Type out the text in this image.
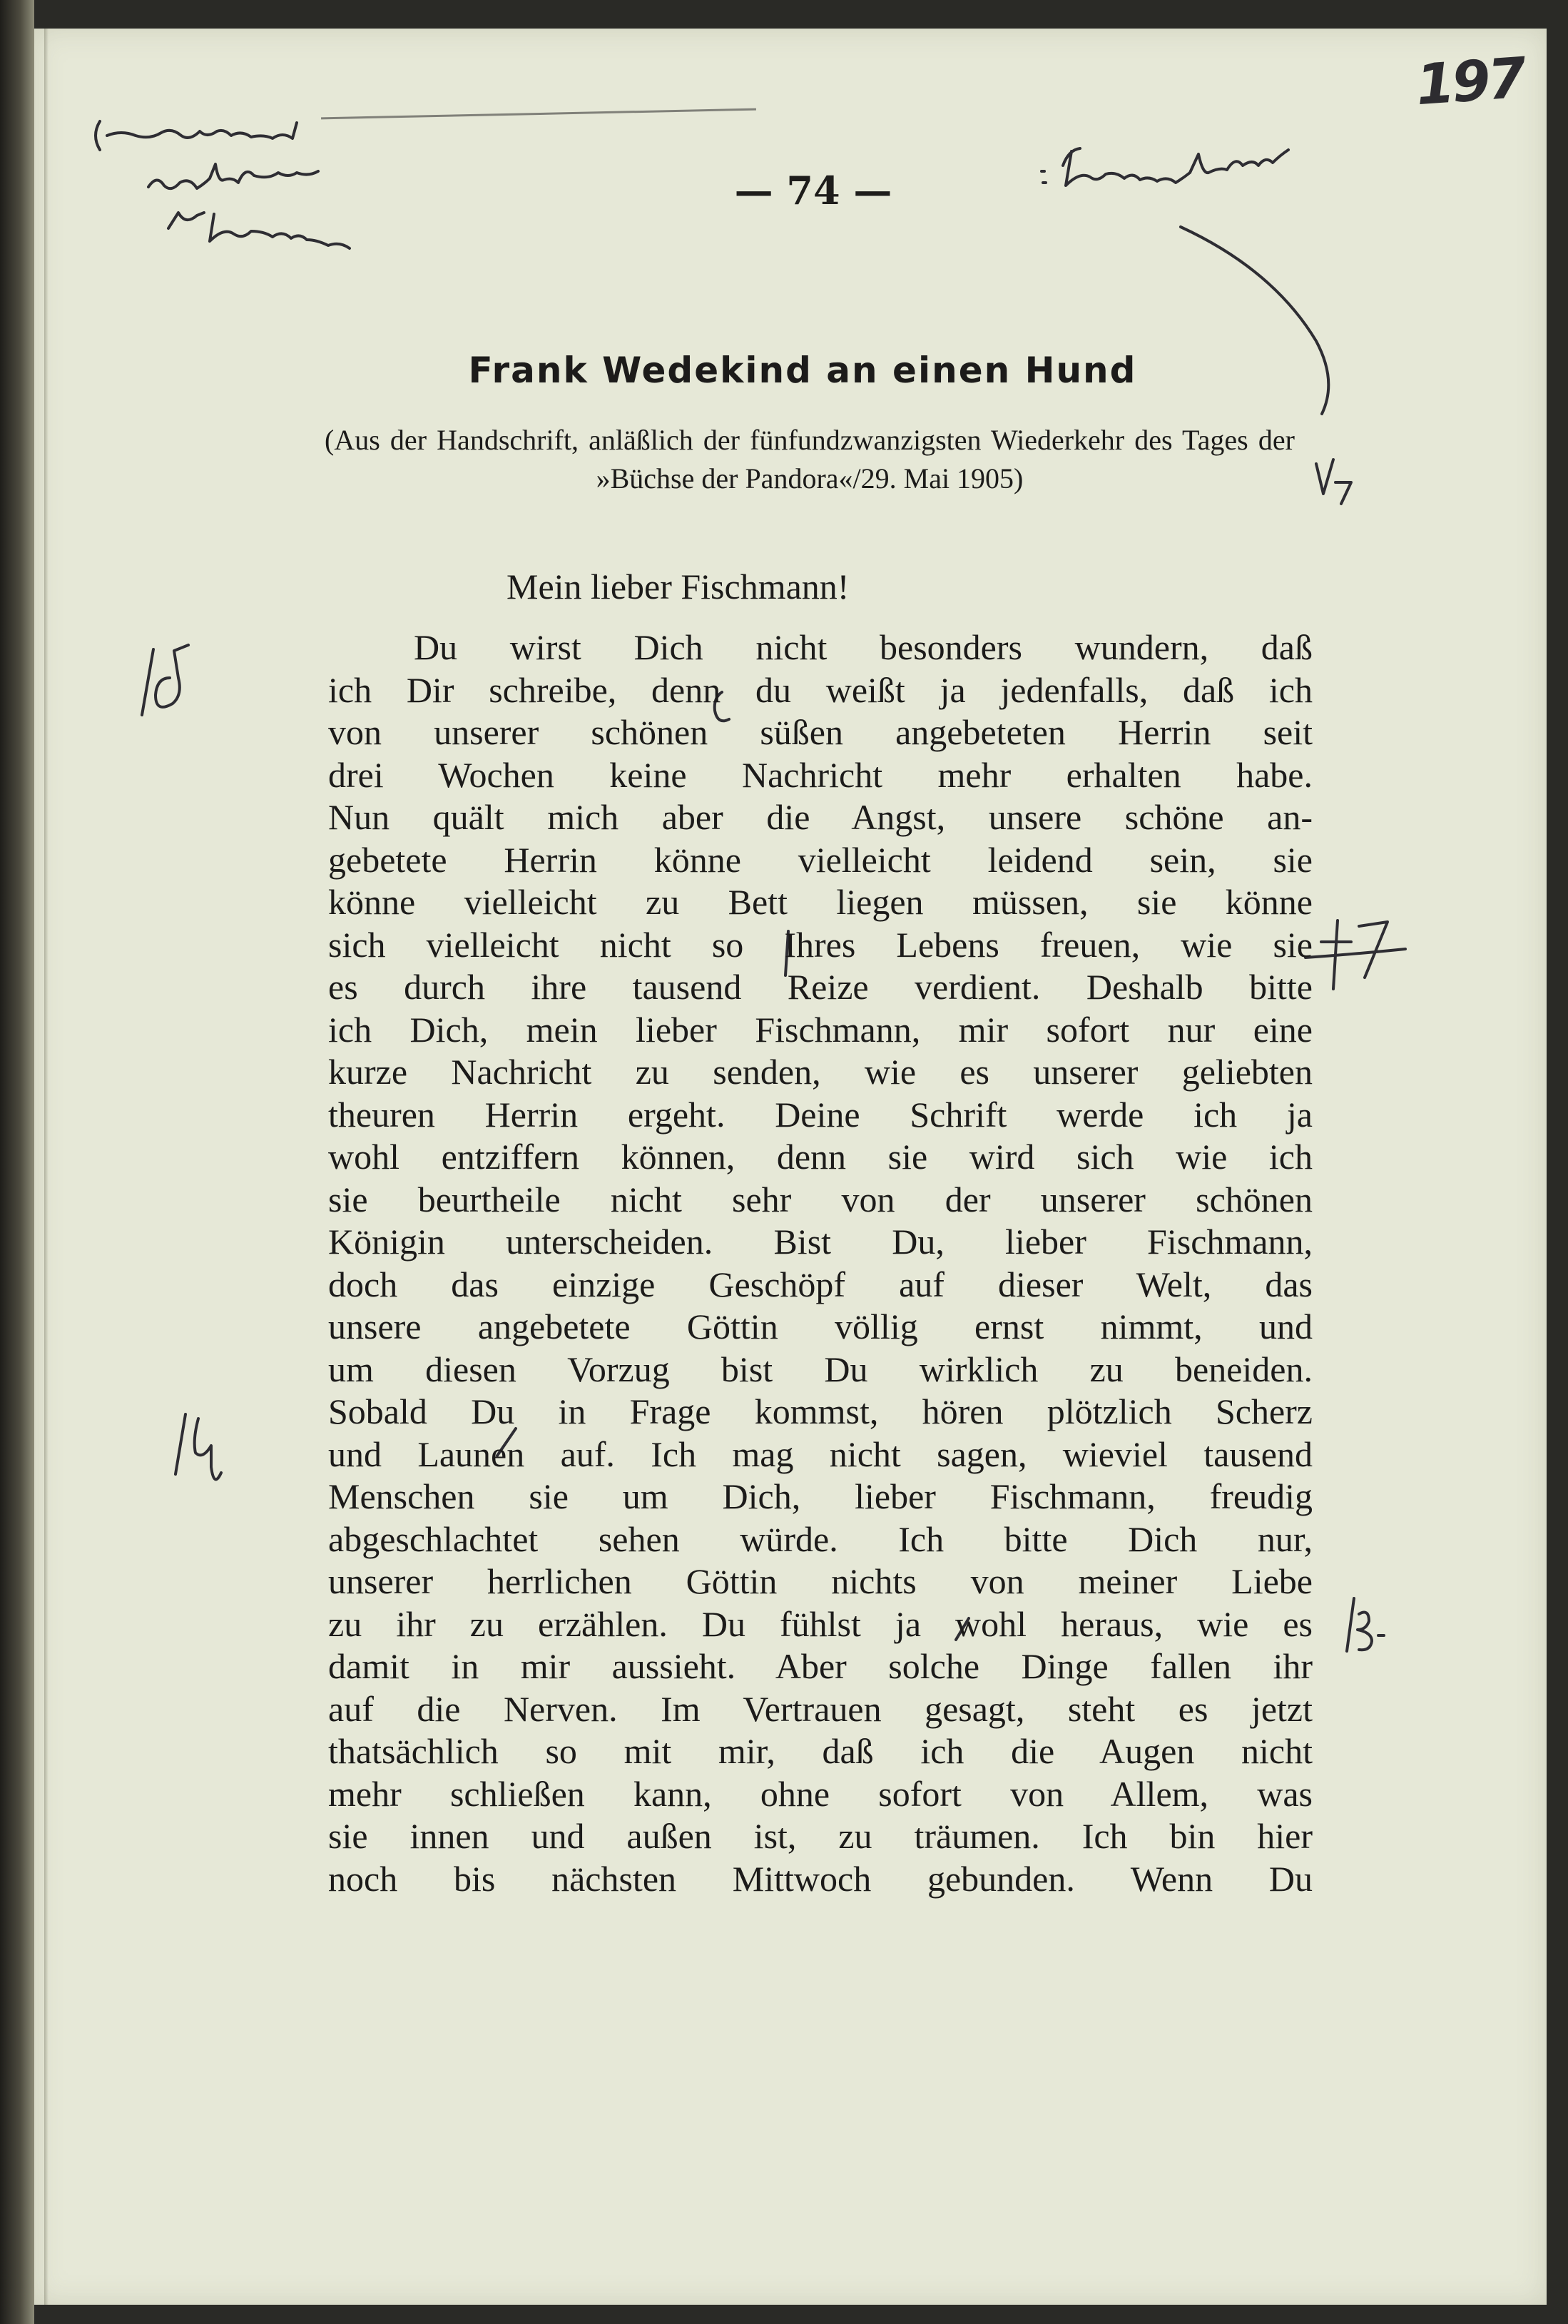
197
— 74 —
Frank Wedekind an einen Hund
(Aus der Handschrift, anläßlich der fünfundzwanzigsten Wiederkehr des Tages der »Büchse der Pandora«/29. Mai 1905)
Mein lieber Fischmann!
Du wirst Dich nicht besonders wundern, daß
ich Dir schreibe, denn du weißt ja jedenfalls, daß ich
von unserer schönen süßen angebeteten Herrin seit
drei Wochen keine Nachricht mehr erhalten habe.
Nun quält mich aber die Angst, unsere schöne an-
gebetete Herrin könne vielleicht leidend sein, sie
könne vielleicht zu Bett liegen müssen, sie könne
sich vielleicht nicht so Ihres Lebens freuen, wie sie
es durch ihre tausend Reize verdient. Deshalb bitte
ich Dich, mein lieber Fischmann, mir sofort nur eine
kurze Nachricht zu senden, wie es unserer geliebten
theuren Herrin ergeht. Deine Schrift werde ich ja
wohl entziffern können, denn sie wird sich wie ich
sie beurtheile nicht sehr von der unserer schönen
Königin unterscheiden. Bist Du, lieber Fischmann,
doch das einzige Geschöpf auf dieser Welt, das
unsere angebetete Göttin völlig ernst nimmt, und
um diesen Vorzug bist Du wirklich zu beneiden.
Sobald Du in Frage kommst, hören plötzlich Scherz
und Launen auf. Ich mag nicht sagen, wieviel tausend
Menschen sie um Dich, lieber Fischmann, freudig
abgeschlachtet sehen würde. Ich bitte Dich nur,
unserer herrlichen Göttin nichts von meiner Liebe
zu ihr zu erzählen. Du fühlst ja wohl heraus, wie es
damit in mir aussieht. Aber solche Dinge fallen ihr
auf die Nerven. Im Vertrauen gesagt, steht es jetzt
thatsächlich so mit mir, daß ich die Augen nicht
mehr schließen kann, ohne sofort von Allem, was
sie innen und außen ist, zu träumen. Ich bin hier
noch bis nächsten Mittwoch gebunden. Wenn Du
